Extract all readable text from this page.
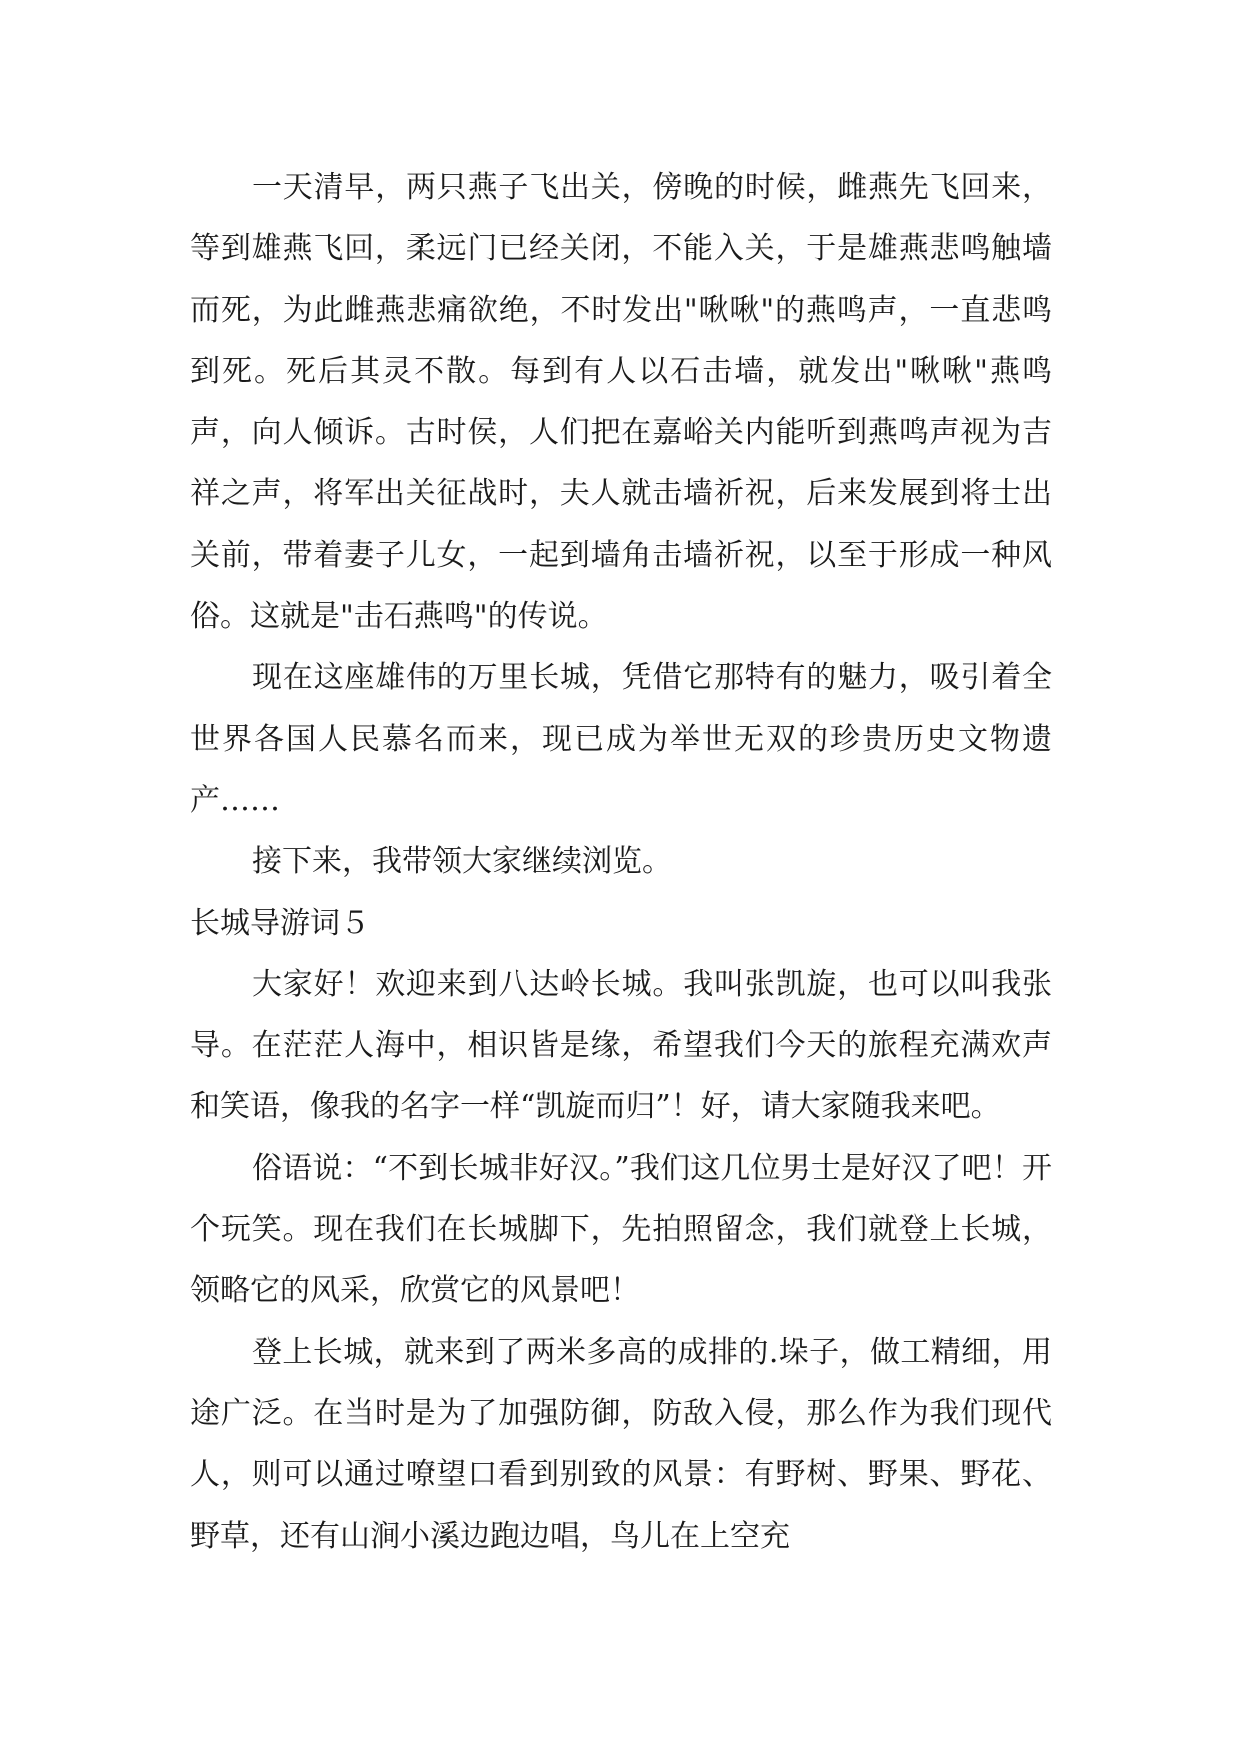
一天清早，两只燕子飞出关，傍晚的时候，雌燕先飞回来，等到雄燕飞回，柔远门已经关闭，不能入关，于是雄燕悲鸣触墙而死，为此雌燕悲痛欲绝，不时发出"啾啾"的燕鸣声，一直悲鸣到死。死后其灵不散。每到有人以石击墙，就发出"啾啾"燕鸣声，向人倾诉。古时侯，人们把在嘉峪关内能听到燕鸣声视为吉祥之声，将军出关征战时，夫人就击墙祈祝，后来发展到将士出关前，带着妻子儿女，一起到墙角击墙祈祝，以至于形成一种风俗。这就是"击石燕鸣"的传说。

现在这座雄伟的万里长城，凭借它那特有的魅力，吸引着全世界各国人民慕名而来，现已成为举世无双的珍贵历史文物遗产……

接下来，我带领大家继续浏览。

长城导游词５

大家好！欢迎来到八达岭长城。我叫张凯旋，也可以叫我张导。在茫茫人海中，相识皆是缘，希望我们今天的旅程充满欢声和笑语，像我的名字一样“凯旋而归”！好，请大家随我来吧。

俗语说：“不到长城非好汉。”我们这几位男士是好汉了吧！开个玩笑。现在我们在长城脚下，先拍照留念，我们就登上长城，领略它的风采，欣赏它的风景吧！

登上长城，就来到了两米多高的成排的.垛子，做工精细，用途广泛。在当时是为了加强防御，防敌入侵，那么作为我们现代人，则可以通过嘹望口看到别致的风景：有野树、野果、野花、野草，还有山涧小溪边跑边唱，鸟儿在上空充
